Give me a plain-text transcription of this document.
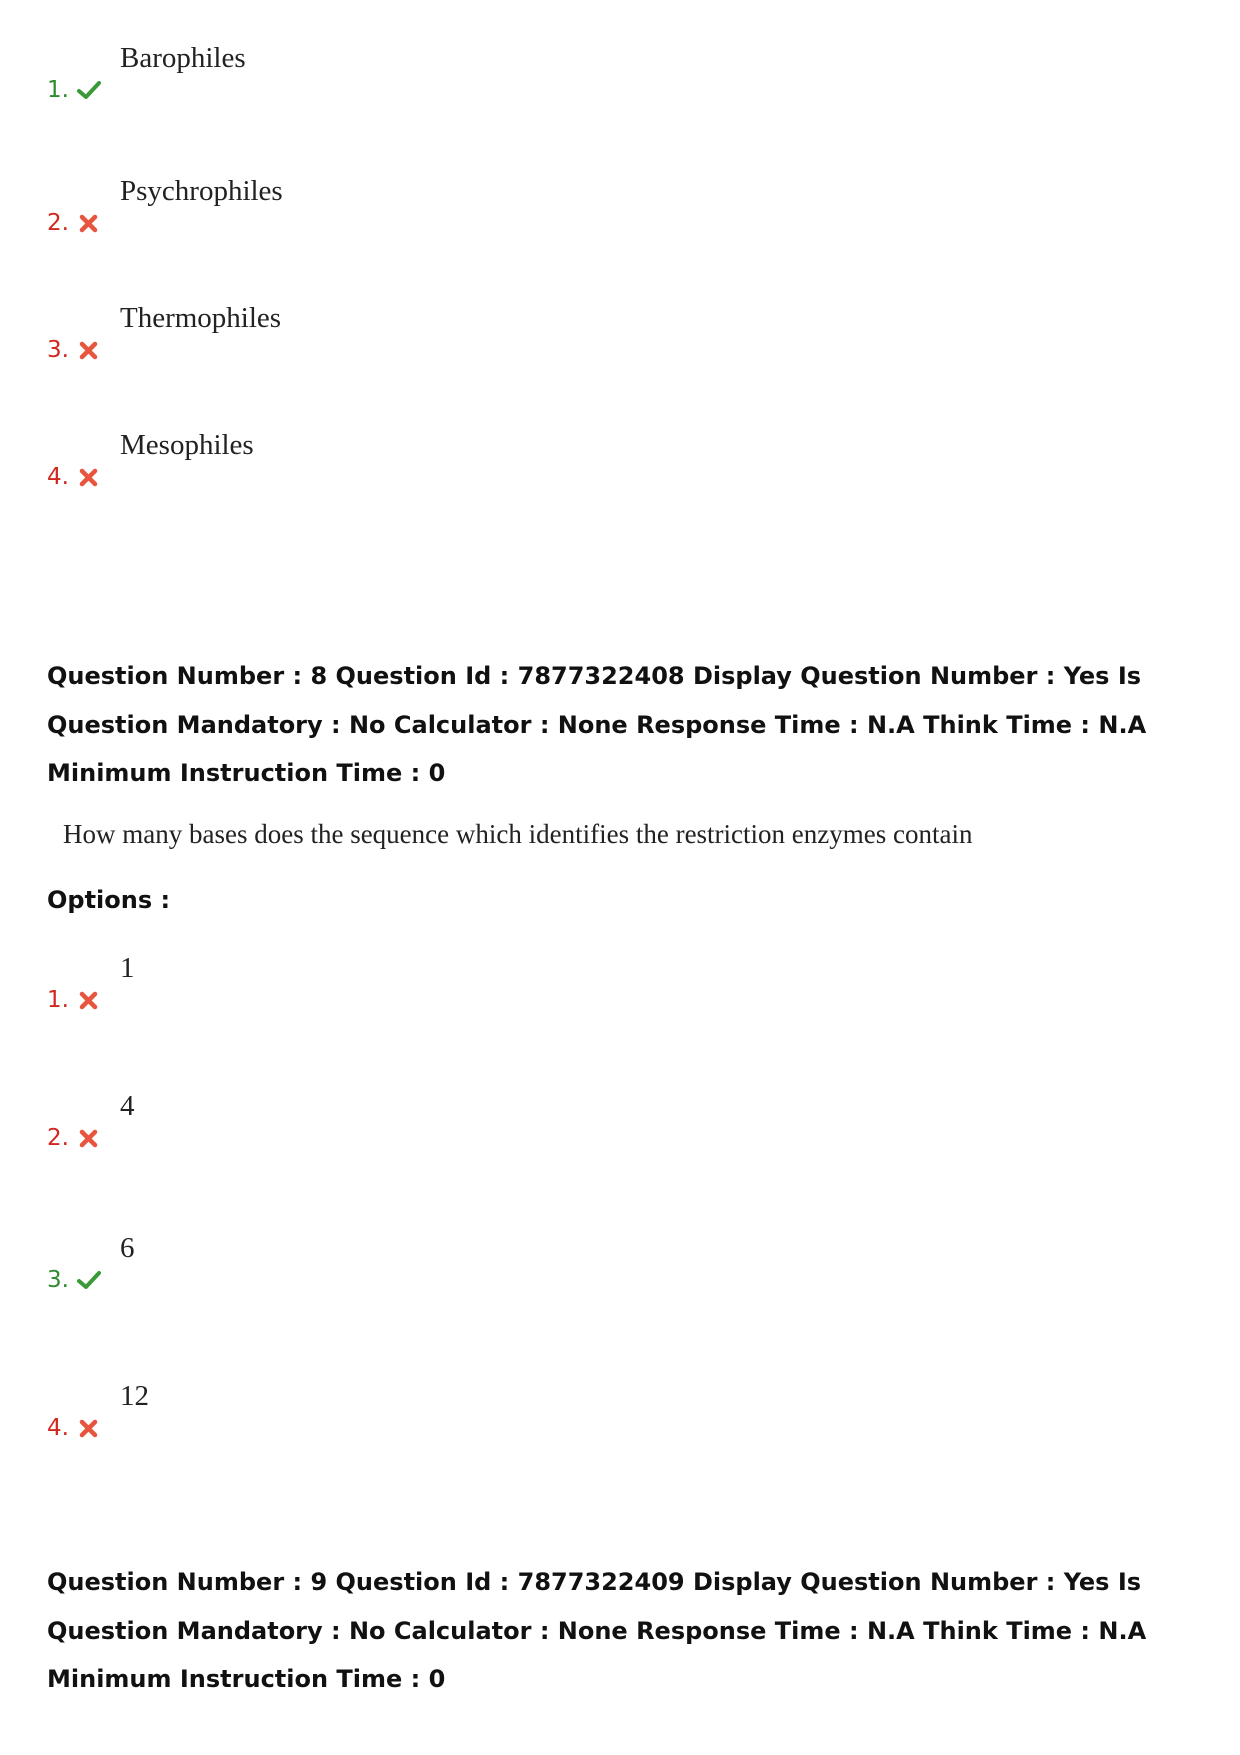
1.
Barophiles
2.
Psychrophiles
3.
Thermophiles
4.
Mesophiles
Question Number : 8 Question Id : 7877322408 Display Question Number : Yes Is Question Mandatory : No Calculator : None Response Time : N.A Think Time : N.A Minimum Instruction Time : 0
How many bases does the sequence which identifies the restriction enzymes contain
Options :
1.
1
2.
4
3.
6
4.
12
Question Number : 9 Question Id : 7877322409 Display Question Number : Yes Is Question Mandatory : No Calculator : None Response Time : N.A Think Time : N.A Minimum Instruction Time : 0
